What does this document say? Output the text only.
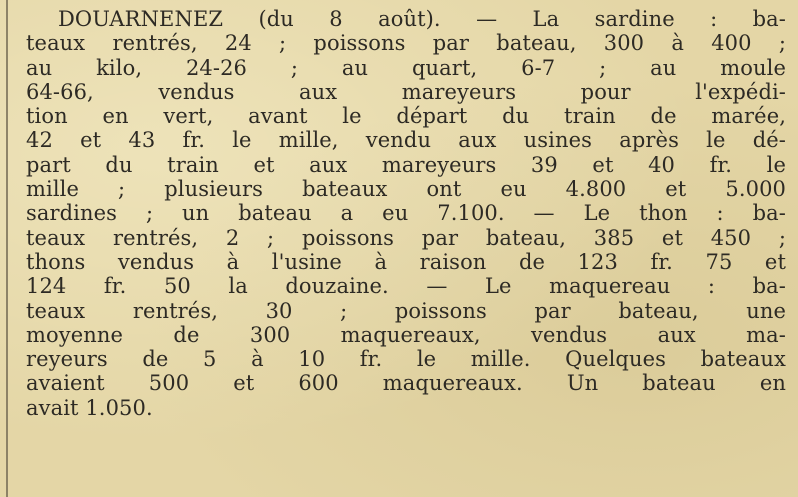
DOUARNENEZ (du 8 août). — La sardine : ba-
teaux rentrés, 24 ; poissons par bateau, 300 à 400 ;
au kilo, 24-26 ; au quart, 6-7 ; au moule
64-66, vendus aux mareyeurs pour l'expédi-
tion en vert, avant le départ du train de marée,
42 et 43 fr. le mille, vendu aux usines après le dé-
part du train et aux mareyeurs 39 et 40 fr. le
mille ; plusieurs bateaux ont eu 4.800 et 5.000
sardines ; un bateau a eu 7.100. — Le thon : ba-
teaux rentrés, 2 ; poissons par bateau, 385 et 450 ;
thons vendus à l'usine à raison de 123 fr. 75 et
124 fr. 50 la douzaine. — Le maquereau : ba-
teaux rentrés, 30 ; poissons par bateau, une
moyenne de 300 maquereaux, vendus aux ma-
reyeurs de 5 à 10 fr. le mille. Quelques bateaux
avaient 500 et 600 maquereaux. Un bateau en
avait 1.050.
